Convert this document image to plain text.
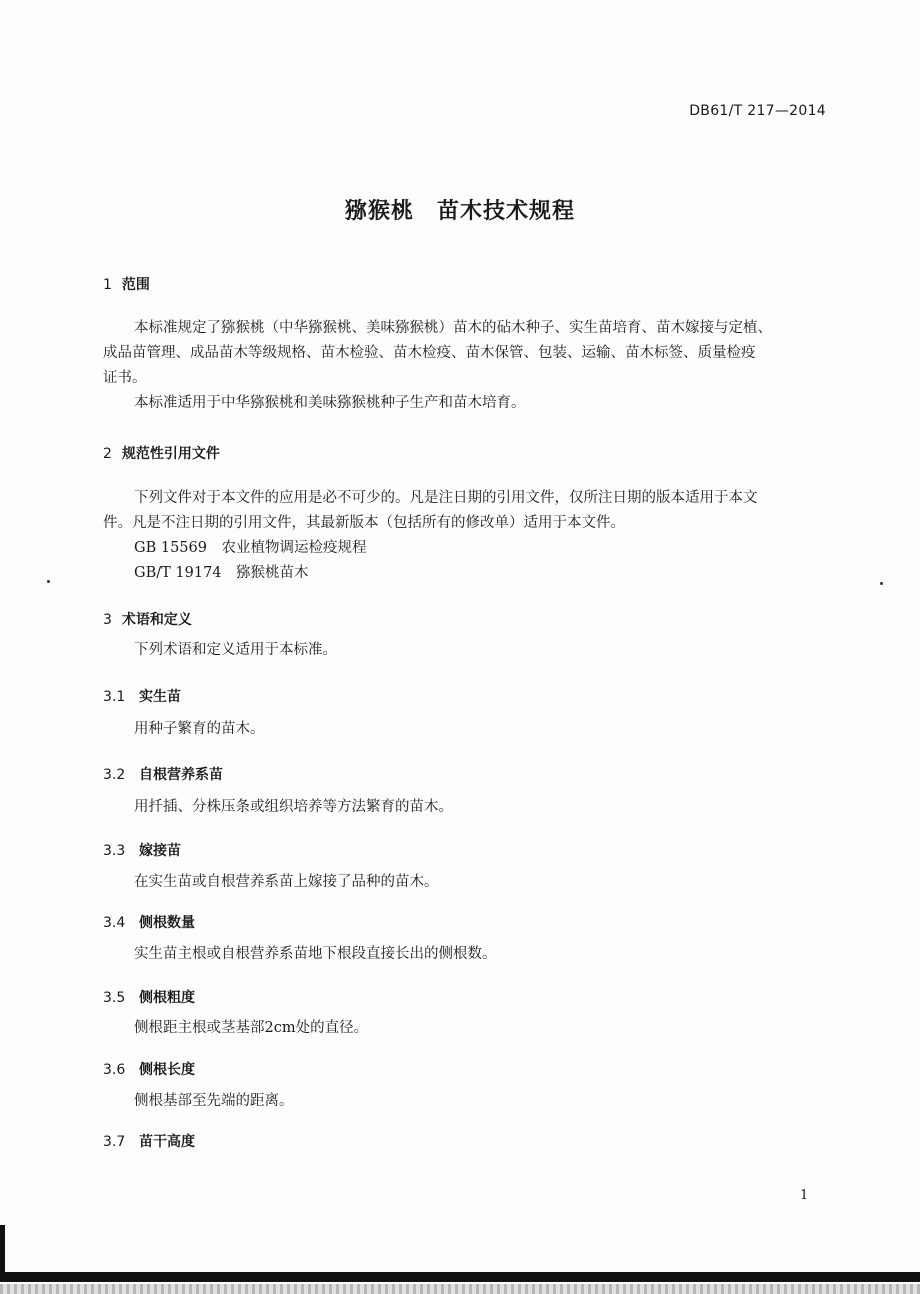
DB61/T 217—2014
猕猴桃　苗木技术规程
1 范围
本标准规定了猕猴桃（中华猕猴桃、美味猕猴桃）苗木的砧木种子、实生苗培育、苗木嫁接与定植、
成品苗管理、成品苗木等级规格、苗木检验、苗木检疫、苗木保管、包装、运输、苗木标签、质量检疫
证书。
本标准适用于中华猕猴桃和美味猕猴桃种子生产和苗木培育。
2 规范性引用文件
下列文件对于本文件的应用是必不可少的。凡是注日期的引用文件，仅所注日期的版本适用于本文
件。凡是不注日期的引用文件，其最新版本（包括所有的修改单）适用于本文件。
GB 15569　农业植物调运检疫规程
GB/T 19174　猕猴桃苗木
3 术语和定义
下列术语和定义适用于本标准。
3.1 实生苗
用种子繁育的苗木。
3.2 自根营养系苗
用扦插、分株压条或组织培养等方法繁育的苗木。
3.3 嫁接苗
在实生苗或自根营养系苗上嫁接了品种的苗木。
3.4 侧根数量
实生苗主根或自根营养系苗地下根段直接长出的侧根数。
3.5 侧根粗度
侧根距主根或茎基部2cm处的直径。
3.6 侧根长度
侧根基部至先端的距离。
3.7 苗干高度
1
